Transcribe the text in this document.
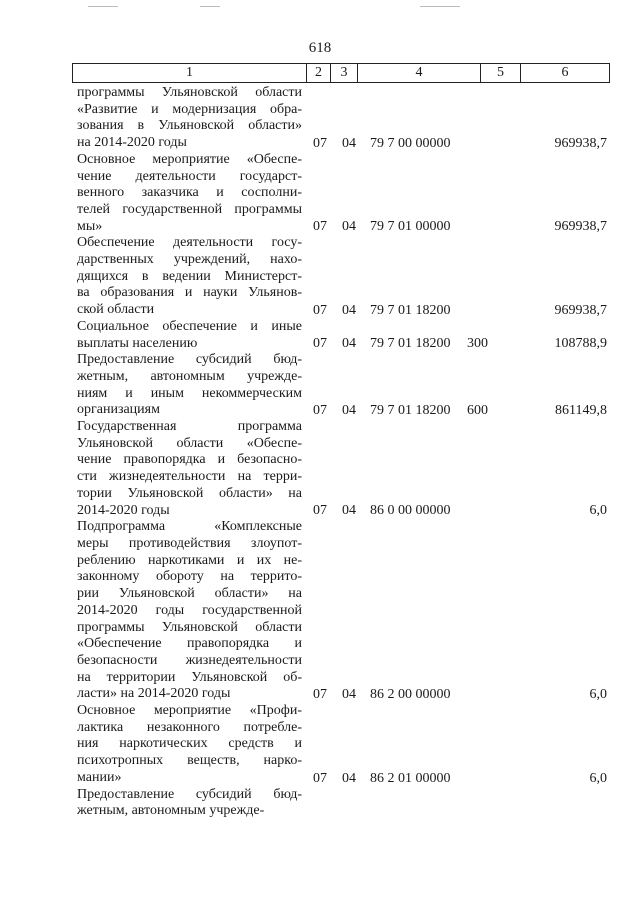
618
1	2	3	4	5	6
программы Ульяновской области
«Развитие и модернизация обра-
зования в Ульяновской области»
на 2014-2020 годы	07 04 79 7 00 00000	969938,7
Основное мероприятие «Обеспе-
чение деятельности государст-
венного заказчика и сосполни-
телей государственной программы
мы»	07 04 79 7 01 00000	969938,7
Обеспечение деятельности госу-
дарственных учреждений, нахо-
дящихся в ведении Министерст-
ва образования и науки Ульянов-
ской области	07 04 79 7 01 18200	969938,7
Социальное обеспечение и иные
выплаты населению	07 04 79 7 01 18200 300	108788,9
Предоставление субсидий бюд-
жетным, автономным учрежде-
ниям и иным некоммерческим
организациям	07 04 79 7 01 18200 600	861149,8
Государственная программа
Ульяновской области «Обеспе-
чение правопорядка и безопасно-
сти жизнедеятельности на терри-
тории Ульяновской области» на
2014-2020 годы	07 04 86 0 00 00000	6,0
Подпрограмма «Комплексные
меры противодействия злоупот-
реблению наркотиками и их не-
законному обороту на террито-
рии Ульяновской области» на
2014-2020 годы государственной
программы Ульяновской области
«Обеспечение правопорядка и
безопасности жизнедеятельности
на территории Ульяновской об-
ласти» на 2014-2020 годы	07 04 86 2 00 00000	6,0
Основное мероприятие «Профи-
лактика незаконного потребле-
ния наркотических средств и
психотропных веществ, нарко-
мании»	07 04 86 2 01 00000	6,0
Предоставление субсидий бюд-
жетным, автономным учрежде-
